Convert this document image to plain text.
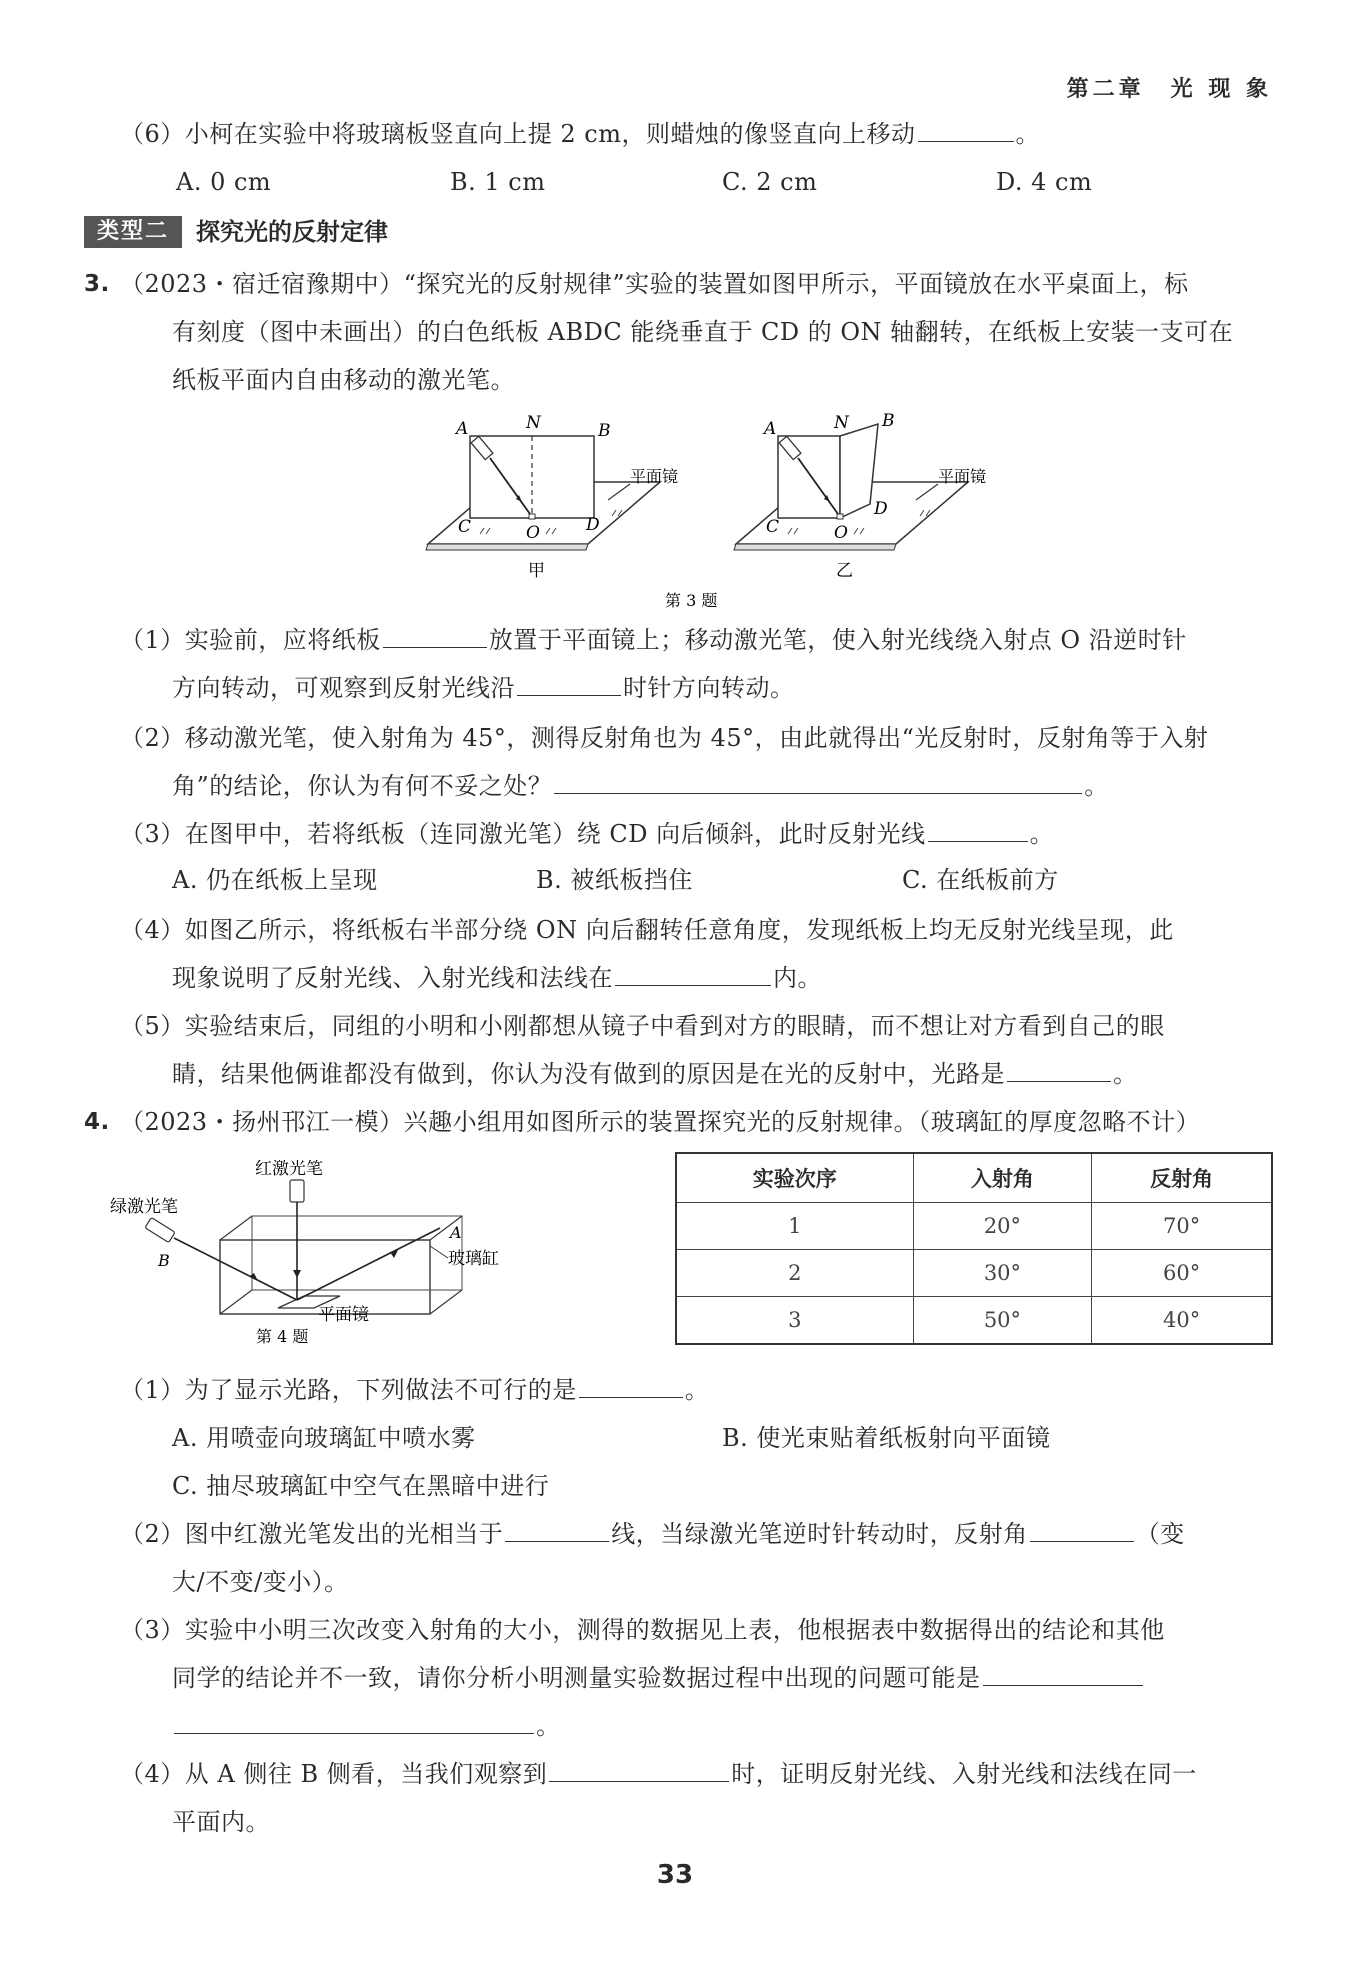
第二章　光 现 象
（6）小柯在实验中将玻璃板竖直向上提 2 cm，则蜡烛的像竖直向上移动	。
A. 0 cm	B. 1 cm	C. 2 cm	D. 4 cm
类型二	探究光的反射定律
3. （2023・宿迁宿豫期中）“探究光的反射规律”实验的装置如图甲所示，平面镜放在水平桌面上，标
有刻度（图中未画出）的白色纸板 ABDC 能绕垂直于 CD 的 ON 轴翻转，在纸板上安装一支可在
纸板平面内自由移动的激光笔。
平面镜
A	N	B
C	O	D
甲
平面镜
A	N B
C	O
D
乙
第 3 题
（1）实验前，应将纸板	放置于平面镜上；移动激光笔，使入射光线绕入射点 O 沿逆时针
方向转动，可观察到反射光线沿	时针方向转动。
（2）移动激光笔，使入射角为 45°，测得反射角也为 45°，由此就得出“光反射时，反射角等于入射
角”的结论，你认为有何不妥之处？	。
（3）在图甲中，若将纸板（连同激光笔）绕 CD 向后倾斜，此时反射光线	。
A. 仍在纸板上呈现	B. 被纸板挡住	C. 在纸板前方
（4）如图乙所示，将纸板右半部分绕 ON 向后翻转任意角度，发现纸板上均无反射光线呈现，此
现象说明了反射光线、入射光线和法线在	内。
（5）实验结束后，同组的小明和小刚都想从镜子中看到对方的眼睛，而不想让对方看到自己的眼
睛，结果他俩谁都没有做到，你认为没有做到的原因是在光的反射中，光路是	。
4. （2023・扬州邗江一模）兴趣小组用如图所示的装置探究光的反射规律。（玻璃缸的厚度忽略不计）
红激光笔
绿激光笔
B
A
玻璃缸
平面镜
第 4 题
实验次序	入射角	反射角
1	20°	70°
2	30°	60°
3	50°	40°
（1）为了显示光路，下列做法不可行的是	。
A. 用喷壶向玻璃缸中喷水雾	B. 使光束贴着纸板射向平面镜
C. 抽尽玻璃缸中空气在黑暗中进行
（2）图中红激光笔发出的光相当于	线，当绿激光笔逆时针转动时，反射角	（变
大/不变/变小）。
（3）实验中小明三次改变入射角的大小，测得的数据见上表，他根据表中数据得出的结论和其他
同学的结论并不一致，请你分析小明测量实验数据过程中出现的问题可能是
。
（4）从 A 侧往 B 侧看，当我们观察到	时，证明反射光线、入射光线和法线在同一
平面内。
33
